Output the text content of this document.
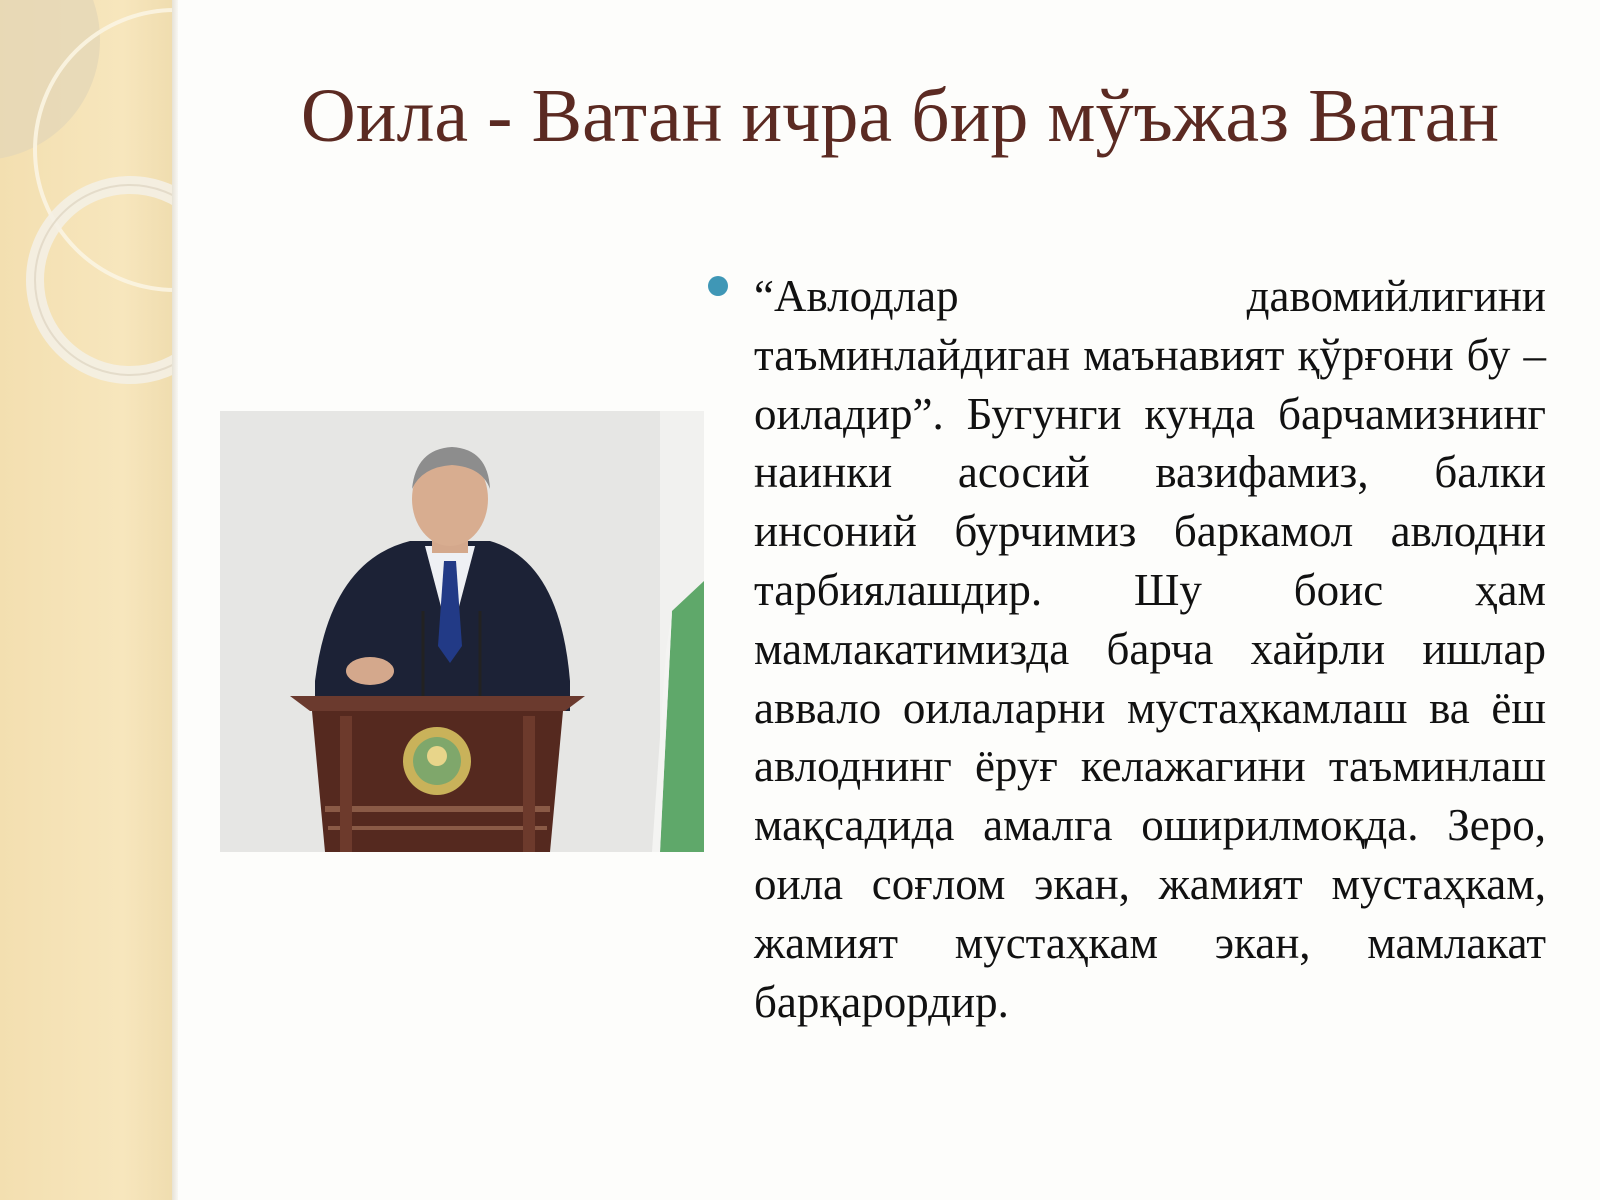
Оила - Ватан ичра бир мўъжаз Ватан

“Авлодлар давомийлигини таъминлайдиган маънавият қўрғони бу – оиладир”. Бугунги кунда барчамизнинг наинки асосий вазифамиз, балки инсоний бурчимиз баркамол авлодни тарбиялашдир. Шу боис ҳам мамлакатимизда барча хайрли ишлар аввало оилаларни мустаҳкамлаш ва ёш авлоднинг ёруғ келажагини таъминлаш мақсадида амалга оширилмоқда. Зеро, оила соғлом экан, жамият мустаҳкам, жамият мустаҳкам экан, мамлакат барқарордир.
